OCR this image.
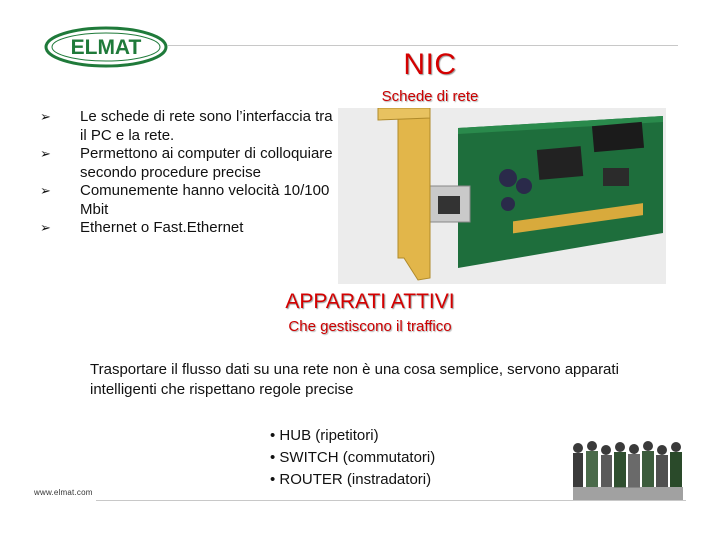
ELMAT
NIC
Schede di rete
➢ Le schede di rete sono l’interfaccia tra il PC e la rete.
➢ Permettono ai computer di colloquiare secondo procedure precise
➢ Comunemente hanno velocità 10/100 Mbit
➢ Ethernet o Fast.Ethernet
APPARATI ATTIVI
Che gestiscono il traffico

Trasportare il flusso dati su una rete non è una cosa semplice, servono apparati intelligenti che rispettano regole precise

• HUB (ripetitori)
• SWITCH (commutatori)
• ROUTER (instradatori)
www.elmat.com
